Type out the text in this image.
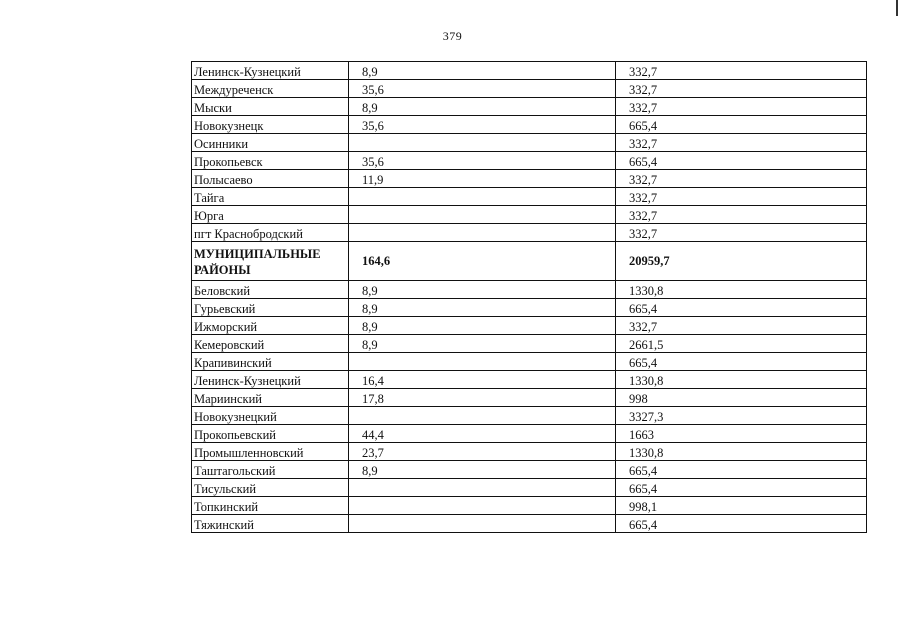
379
Ленинск-Кузнецкий	8,9	332,7
Междуреченск	35,6	332,7
Мыски	8,9	332,7
Новокузнецк	35,6	665,4
Осинники		332,7
Прокопьевск	35,6	665,4
Полысаево	11,9	332,7
Тайга		332,7
Юрга		332,7
пгт Краснобродский		332,7
МУНИЦИПАЛЬНЫЕ РАЙОНЫ	164,6	20959,7
Беловский	8,9	1330,8
Гурьевский	8,9	665,4
Ижморский	8,9	332,7
Кемеровский	8,9	2661,5
Крапивинский		665,4
Ленинск-Кузнецкий	16,4	1330,8
Мариинский	17,8	998
Новокузнецкий		3327,3
Прокопьевский	44,4	1663
Промышленновский	23,7	1330,8
Таштагольский	8,9	665,4
Тисульский		665,4
Топкинский		998,1
Тяжинский		665,4
